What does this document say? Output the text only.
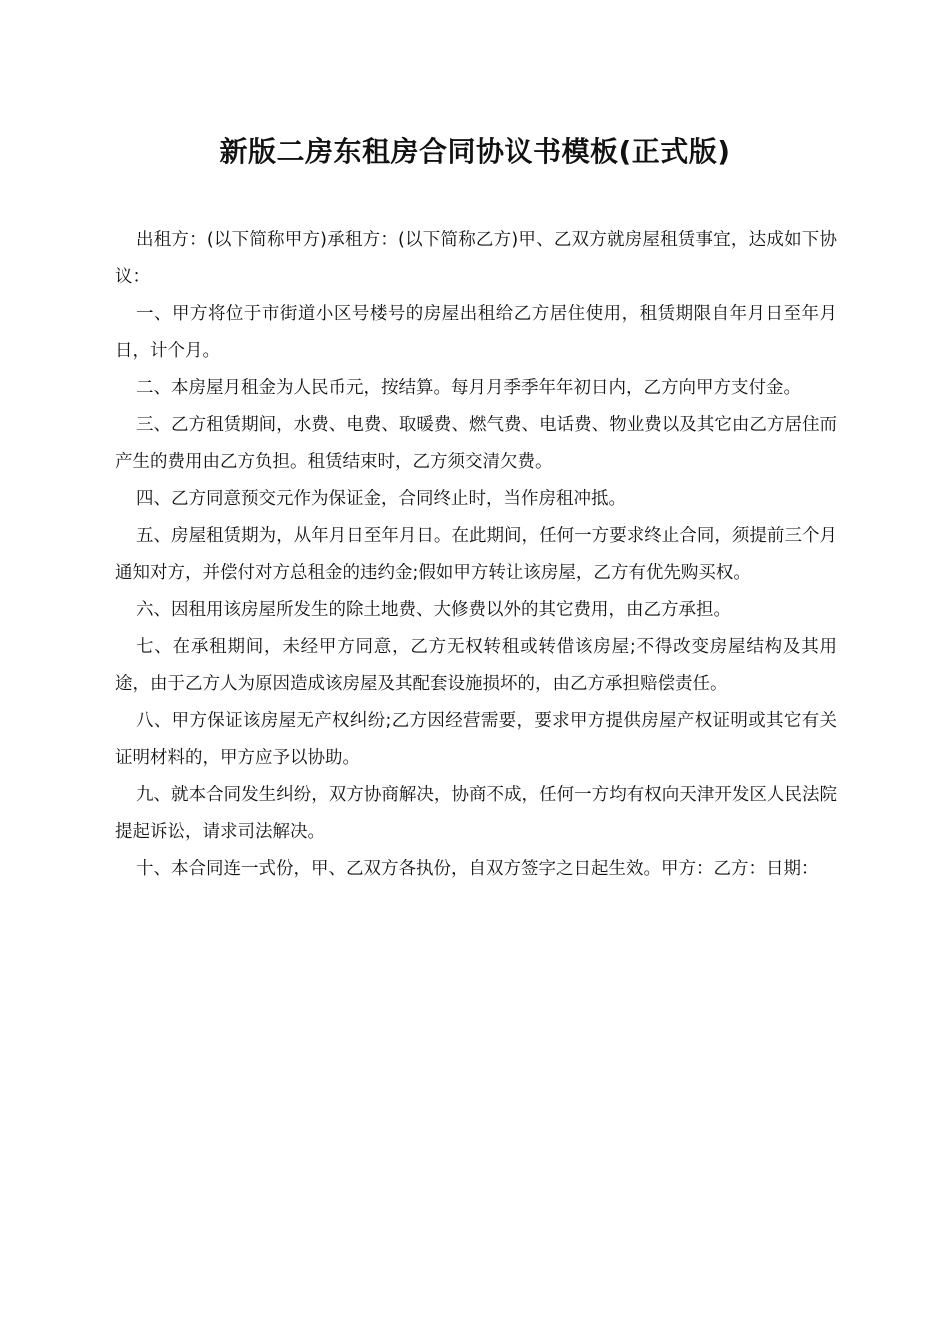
新版二房东租房合同协议书模板(正式版)

出租方：(以下简称甲方)承租方：(以下简称乙方)甲、乙双方就房屋租赁事宜，达成如下协议：

一、甲方将位于市街道小区号楼号的房屋出租给乙方居住使用，租赁期限自年月日至年月日，计个月。

二、本房屋月租金为人民币元，按结算。每月月季季年年初日内，乙方向甲方支付金。

三、乙方租赁期间，水费、电费、取暖费、燃气费、电话费、物业费以及其它由乙方居住而产生的费用由乙方负担。租赁结束时，乙方须交清欠费。

四、乙方同意预交元作为保证金，合同终止时，当作房租冲抵。

五、房屋租赁期为，从年月日至年月日。在此期间，任何一方要求终止合同，须提前三个月通知对方，并偿付对方总租金的违约金;假如甲方转让该房屋，乙方有优先购买权。

六、因租用该房屋所发生的除土地费、大修费以外的其它费用，由乙方承担。

七、在承租期间，未经甲方同意，乙方无权转租或转借该房屋;不得改变房屋结构及其用途，由于乙方人为原因造成该房屋及其配套设施损坏的，由乙方承担赔偿责任。

八、甲方保证该房屋无产权纠纷;乙方因经营需要，要求甲方提供房屋产权证明或其它有关证明材料的，甲方应予以协助。

九、就本合同发生纠纷，双方协商解决，协商不成，任何一方均有权向天津开发区人民法院提起诉讼，请求司法解决。

十、本合同连一式份，甲、乙双方各执份，自双方签字之日起生效。甲方：乙方：日期：
